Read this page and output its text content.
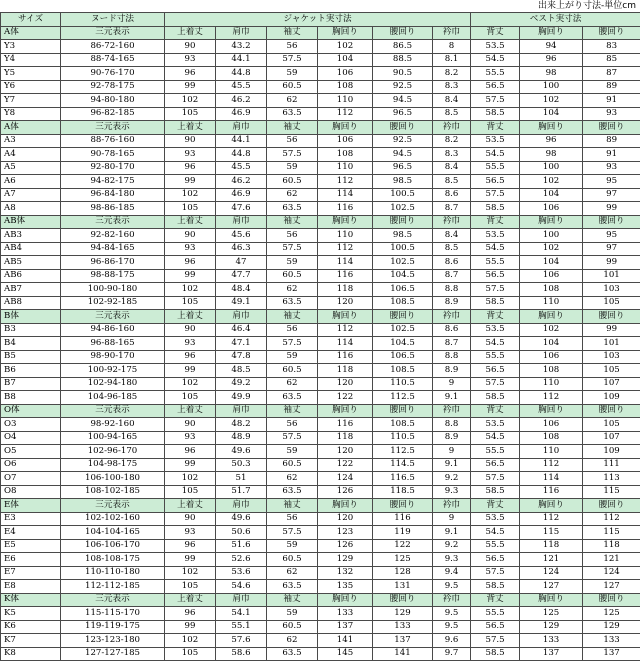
出来上がり寸法-単位cm
サイズ	ヌード寸法	ジャケット実寸法						ベスト実寸法		
A体	三元表示	上着丈	肩巾	袖丈	胸回り	腰回り	衿巾	背丈	胸回り	腰回り
Y3	86-72-160	90	43.2	56	102	86.5	8	53.5	94	83
Y4	88-74-165	93	44.1	57.5	104	88.5	8.1	54.5	96	85
Y5	90-76-170	96	44.8	59	106	90.5	8.2	55.5	98	87
Y6	92-78-175	99	45.5	60.5	108	92.5	8.3	56.5	100	89
Y7	94-80-180	102	46.2	62	110	94.5	8.4	57.5	102	91
Y8	96-82-185	105	46.9	63.5	112	96.5	8.5	58.5	104	93
A体	三元表示	上着丈	肩巾	袖丈	胸回り	腰回り	衿巾	背丈	胸回り	腰回り
A3	88-76-160	90	44.1	56	106	92.5	8.2	53.5	96	89
A4	90-78-165	93	44.8	57.5	108	94.5	8.3	54.5	98	91
A5	92-80-170	96	45.5	59	110	96.5	8.4	55.5	100	93
A6	94-82-175	99	46.2	60.5	112	98.5	8.5	56.5	102	95
A7	96-84-180	102	46.9	62	114	100.5	8.6	57.5	104	97
A8	98-86-185	105	47.6	63.5	116	102.5	8.7	58.5	106	99
AB体	三元表示	上着丈	肩巾	袖丈	胸回り	腰回り	衿巾	背丈	胸回り	腰回り
AB3	92-82-160	90	45.6	56	110	98.5	8.4	53.5	100	95
AB4	94-84-165	93	46.3	57.5	112	100.5	8.5	54.5	102	97
AB5	96-86-170	96	47	59	114	102.5	8.6	55.5	104	99
AB6	98-88-175	99	47.7	60.5	116	104.5	8.7	56.5	106	101
AB7	100-90-180	102	48.4	62	118	106.5	8.8	57.5	108	103
AB8	102-92-185	105	49.1	63.5	120	108.5	8.9	58.5	110	105
B体	三元表示	上着丈	肩巾	袖丈	胸回り	腰回り	衿巾	背丈	胸回り	腰回り
B3	94-86-160	90	46.4	56	112	102.5	8.6	53.5	102	99
B4	96-88-165	93	47.1	57.5	114	104.5	8.7	54.5	104	101
B5	98-90-170	96	47.8	59	116	106.5	8.8	55.5	106	103
B6	100-92-175	99	48.5	60.5	118	108.5	8.9	56.5	108	105
B7	102-94-180	102	49.2	62	120	110.5	9	57.5	110	107
B8	104-96-185	105	49.9	63.5	122	112.5	9.1	58.5	112	109
O体	三元表示	上着丈	肩巾	袖丈	胸回り	腰回り	衿巾	背丈	胸回り	腰回り
O3	98-92-160	90	48.2	56	116	108.5	8.8	53.5	106	105
O4	100-94-165	93	48.9	57.5	118	110.5	8.9	54.5	108	107
O5	102-96-170	96	49.6	59	120	112.5	9	55.5	110	109
O6	104-98-175	99	50.3	60.5	122	114.5	9.1	56.5	112	111
O7	106-100-180	102	51	62	124	116.5	9.2	57.5	114	113
O8	108-102-185	105	51.7	63.5	126	118.5	9.3	58.5	116	115
E体	三元表示	上着丈	肩巾	袖丈	胸回り	腰回り	衿巾	背丈	胸回り	腰回り
E3	102-102-160	90	49.6	56	120	116	9	53.5	112	112
E4	104-104-165	93	50.6	57.5	123	119	9.1	54.5	115	115
E5	106-106-170	96	51.6	59	126	122	9.2	55.5	118	118
E6	108-108-175	99	52.6	60.5	129	125	9.3	56.5	121	121
E7	110-110-180	102	53.6	62	132	128	9.4	57.5	124	124
E8	112-112-185	105	54.6	63.5	135	131	9.5	58.5	127	127
K体	三元表示	上着丈	肩巾	袖丈	胸回り	腰回り	衿巾	背丈	胸回り	腰回り
K5	115-115-170	96	54.1	59	133	129	9.5	55.5	125	125
K6	119-119-175	99	55.1	60.5	137	133	9.5	56.5	129	129
K7	123-123-180	102	57.6	62	141	137	9.6	57.5	133	133
K8	127-127-185	105	58.6	63.5	145	141	9.7	58.5	137	137
